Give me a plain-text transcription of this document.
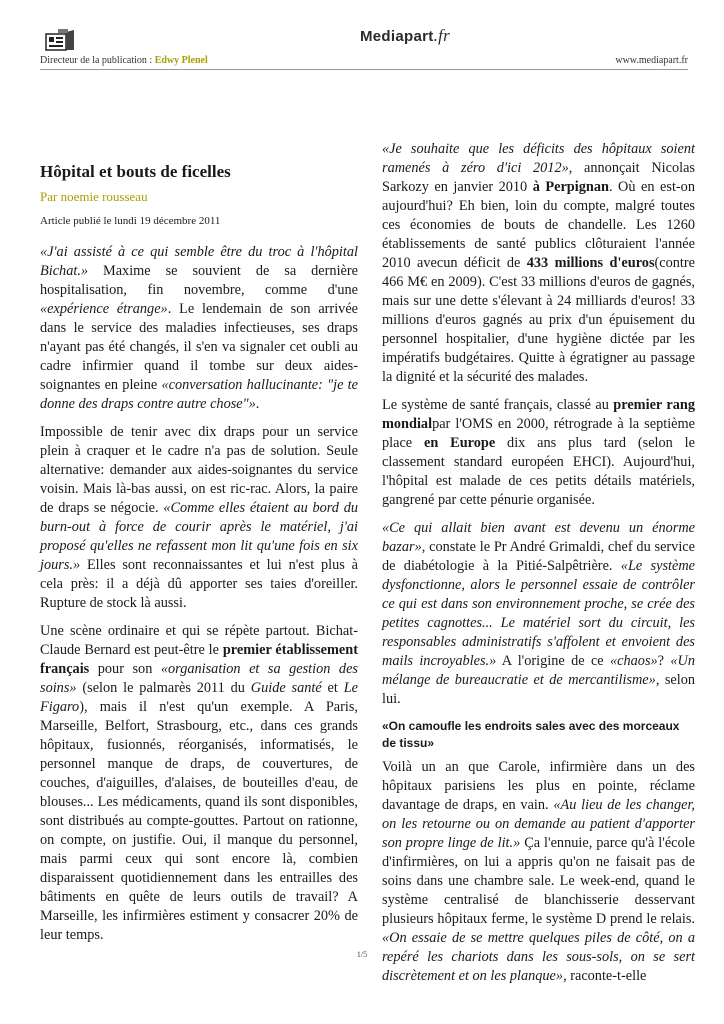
Mediapart.fr
Directeur de la publication : Edwy Plenel	www.mediapart.fr
Hôpital et bouts de ficelles
Par noemie rousseau
Article publié le lundi 19 décembre 2011

«J'ai assisté à ce qui semble être du troc à l'hôpital Bichat.» Maxime se souvient de sa dernière hospitalisation, fin novembre, comme d'une «expérience étrange». Le lendemain de son arrivée dans le service des maladies infectieuses, ses draps n'ayant pas été changés, il s'en va signaler cet oubli au cadre infirmier quand il tombe sur deux aides-soignantes en pleine «conversation hallucinante: "je te donne des draps contre autre chose"».

Impossible de tenir avec dix draps pour un service plein à craquer et le cadre n'a pas de solution. Seule alternative: demander aux aides-soignantes du service voisin. Mais là-bas aussi, on est ric-rac. Alors, la paire de draps se négocie. «Comme elles étaient au bord du burn-out à force de courir après le matériel, j'ai proposé qu'elles ne refassent mon lit qu'une fois en six jours.» Elles sont reconnaissantes et lui n'est plus à cela près: il a déjà dû apporter ses taies d'oreiller. Rupture de stock là aussi.

Une scène ordinaire et qui se répète partout. Bichat-Claude Bernard est peut-être le premier établissement français pour son «organisation et sa gestion des soins» (selon le palmarès 2011 du Guide santé et Le Figaro), mais il n'est qu'un exemple. A Paris, Marseille, Belfort, Strasbourg, etc., dans ces grands hôpitaux, fusionnés, réorganisés, informatisés, le personnel manque de draps, de couvertures, de couches, d'aiguilles, d'alaises, de bouteilles d'eau, de blouses... Les médicaments, quand ils sont disponibles, sont distribués au compte-gouttes. Partout on rationne, on compte, on justifie. Oui, il manque du personnel, mais parmi ceux qui sont encore là, combien disparaissent quotidiennement dans les entrailles des bâtiments en quête de leurs outils de travail? A Marseille, les infirmières estiment y consacrer 20% de leur temps.

«Je souhaite que les déficits des hôpitaux soient ramenés à zéro d'ici 2012», annonçait Nicolas Sarkozy en janvier 2010 à Perpignan. Où en est-on aujourd'hui? Eh bien, loin du compte, malgré toutes ces économies de bouts de chandelle. Les 1260 établissements de santé publics clôturaient l'année 2010 avecun déficit de 433 millions d'euros(contre 466 M€ en 2009). C'est 33 millions d'euros de gagnés, mais sur une dette s'élevant à 24 milliards d'euros! 33 millions d'euros gagnés au prix d'un épuisement du personnel hospitalier, d'une hygiène dictée par les impératifs budgétaires. Quitte à égratigner au passage la dignité et la sécurité des malades.

Le système de santé français, classé au premier rang mondialpar l'OMS en 2000, rétrograde à la septième place en Europe dix ans plus tard (selon le classement standard européen EHCI). Aujourd'hui, l'hôpital est malade de ces petits détails matériels, gangrené par cette pénurie organisée.

«Ce qui allait bien avant est devenu un énorme bazar», constate le Pr André Grimaldi, chef du service de diabétologie à la Pitié-Salpêtrière. «Le système dysfonctionne, alors le personnel essaie de contrôler ce qui est dans son environnement proche, se crée des petites cagnottes... Le matériel sort du circuit, les responsables administratifs s'affolent et envoient des mails incroyables.» A l'origine de ce «chaos»? «Un mélange de bureaucratie et de mercantilisme», selon lui.

«On camoufle les endroits sales avec des morceaux de tissu»

Voilà un an que Carole, infirmière dans un des hôpitaux parisiens les plus en pointe, réclame davantage de draps, en vain. «Au lieu de les changer, on les retourne ou on demande au patient d'apporter son propre linge de lit.» Ça l'ennuie, parce qu'à l'école d'infirmières, on lui a appris qu'on ne faisait pas de soins dans une chambre sale. Le week-end, quand le système centralisé de blanchisserie desservant plusieurs hôpitaux ferme, le système D prend le relais. «On essaie de se mettre quelques piles de côté, on a repéré les chariots dans les sous-sols, on se sert discrètement et on les planque», raconte-t-elle

1/5
